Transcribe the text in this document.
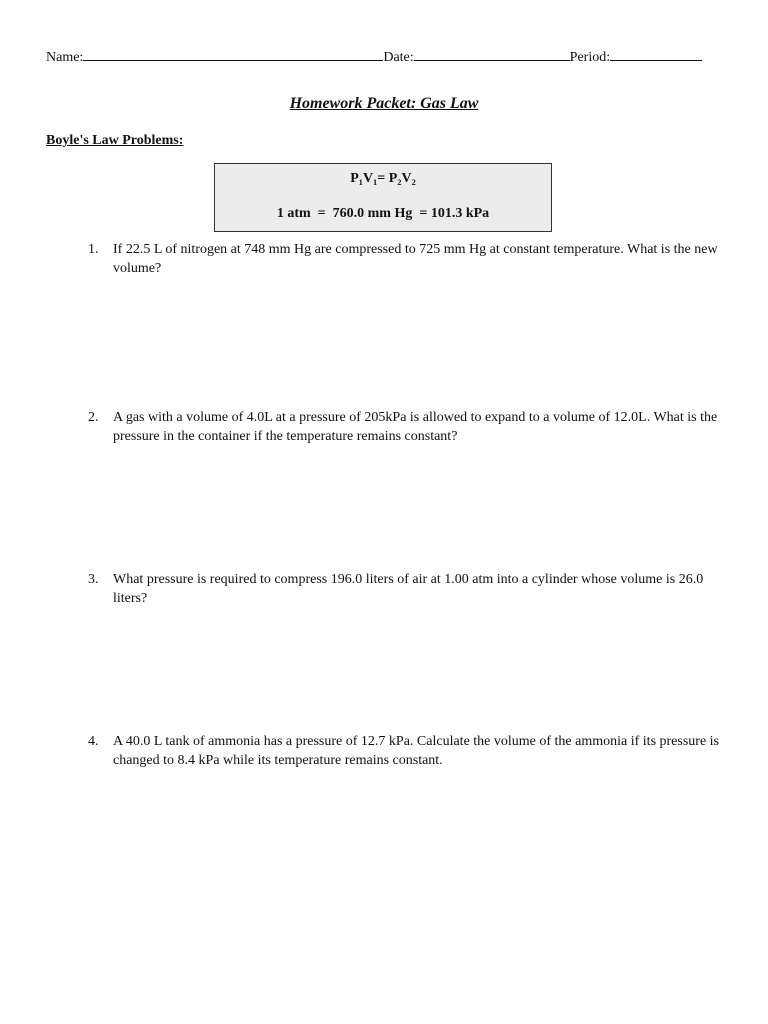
Name:	Date:	Period:
Homework Packet: Gas Law
Boyle's Law Problems:
P₁V₁= P₂V₂
1 atm  =  760.0 mm Hg  = 101.3 kPa
1.	If 22.5 L of nitrogen at 748 mm Hg are compressed to 725 mm Hg at constant temperature. What is the new volume?
2.	A gas with a volume of 4.0L at a pressure of 205kPa is allowed to expand to a volume of 12.0L. What is the pressure in the container if the temperature remains constant?
3.	What pressure is required to compress 196.0 liters of air at 1.00 atm into a cylinder whose volume is 26.0 liters?
4.	A 40.0 L tank of ammonia has a pressure of 12.7 kPa. Calculate the volume of the ammonia if its pressure is changed to 8.4 kPa while its temperature remains constant.
